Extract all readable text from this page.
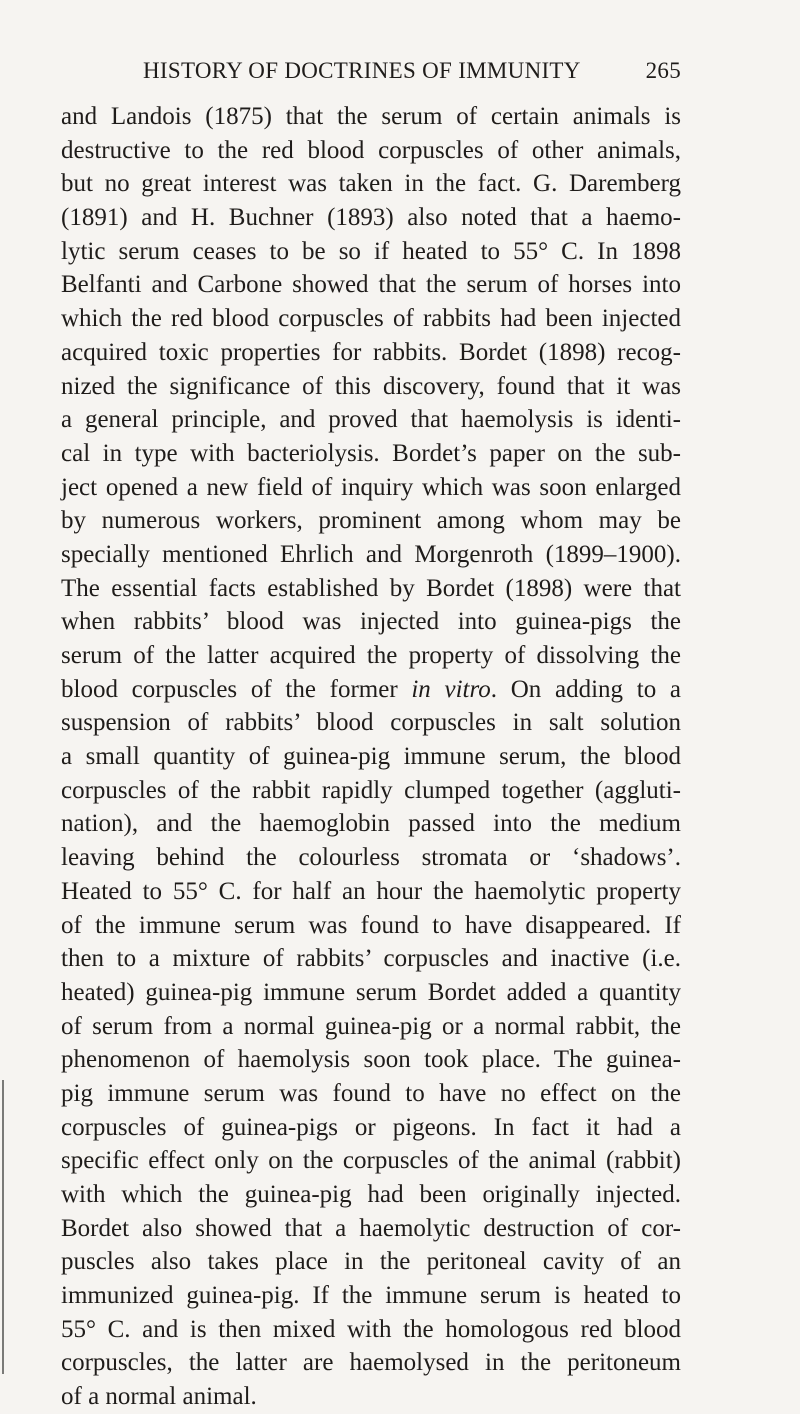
HISTORY OF DOCTRINES OF IMMUNITY	265
and Landois (1875) that the serum of certain animals is
destructive to the red blood corpuscles of other animals,
but no great interest was taken in the fact. G. Daremberg
(1891) and H. Buchner (1893) also noted that a haemo-
lytic serum ceases to be so if heated to 55° C. In 1898
Belfanti and Carbone showed that the serum of horses into
which the red blood corpuscles of rabbits had been injected
acquired toxic properties for rabbits. Bordet (1898) recog-
nized the significance of this discovery, found that it was
a general principle, and proved that haemolysis is identi-
cal in type with bacteriolysis. Bordet’s paper on the sub-
ject opened a new field of inquiry which was soon enlarged
by numerous workers, prominent among whom may be
specially mentioned Ehrlich and Morgenroth (1899–1900).
The essential facts established by Bordet (1898) were that
when rabbits’ blood was injected into guinea-pigs the
serum of the latter acquired the property of dissolving the
blood corpuscles of the former in vitro. On adding to a
suspension of rabbits’ blood corpuscles in salt solution
a small quantity of guinea-pig immune serum, the blood
corpuscles of the rabbit rapidly clumped together (aggluti-
nation), and the haemoglobin passed into the medium
leaving behind the colourless stromata or ‘shadows’.
Heated to 55° C. for half an hour the haemolytic property
of the immune serum was found to have disappeared. If
then to a mixture of rabbits’ corpuscles and inactive (i.e.
heated) guinea-pig immune serum Bordet added a quantity
of serum from a normal guinea-pig or a normal rabbit, the
phenomenon of haemolysis soon took place. The guinea-
pig immune serum was found to have no effect on the
corpuscles of guinea-pigs or pigeons. In fact it had a
specific effect only on the corpuscles of the animal (rabbit)
with which the guinea-pig had been originally injected.
Bordet also showed that a haemolytic destruction of cor-
puscles also takes place in the peritoneal cavity of an
immunized guinea-pig. If the immune serum is heated to
55° C. and is then mixed with the homologous red blood
corpuscles, the latter are haemolysed in the peritoneum
of a normal animal.
